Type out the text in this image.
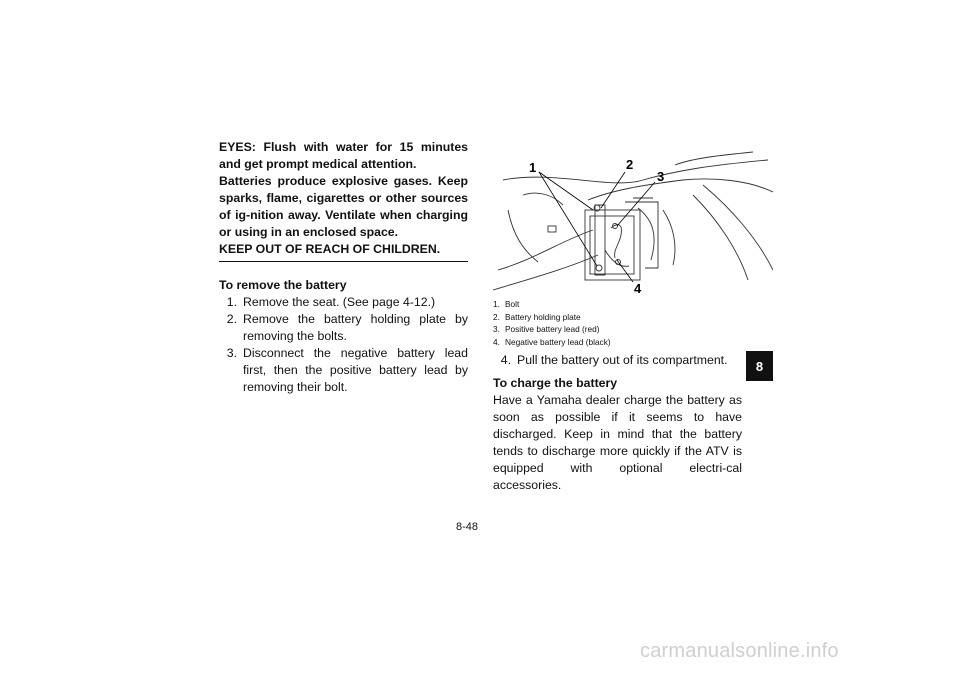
EYES: Flush with water for 15 minutes and get prompt medical attention.
Batteries produce explosive gases. Keep sparks, flame, cigarettes or other sources of ig-nition away. Ventilate when charging or using in an enclosed space.
KEEP OUT OF REACH OF CHILDREN.
To remove the battery
1. Remove the seat. (See page 4-12.)
2. Remove the battery holding plate by removing the bolts.
3. Disconnect the negative battery lead first, then the positive battery lead by removing their bolt.
1	2
3
4
1. Bolt
2. Battery holding plate
3. Positive battery lead (red)
4. Negative battery lead (black)
4. Pull the battery out of its compartment.
To charge the battery
Have a Yamaha dealer charge the battery as soon as possible if it seems to have discharged. Keep in mind that the battery tends to discharge more quickly if the ATV is equipped with optional electri-cal accessories.
8
8-48
carmanualsonline.info
